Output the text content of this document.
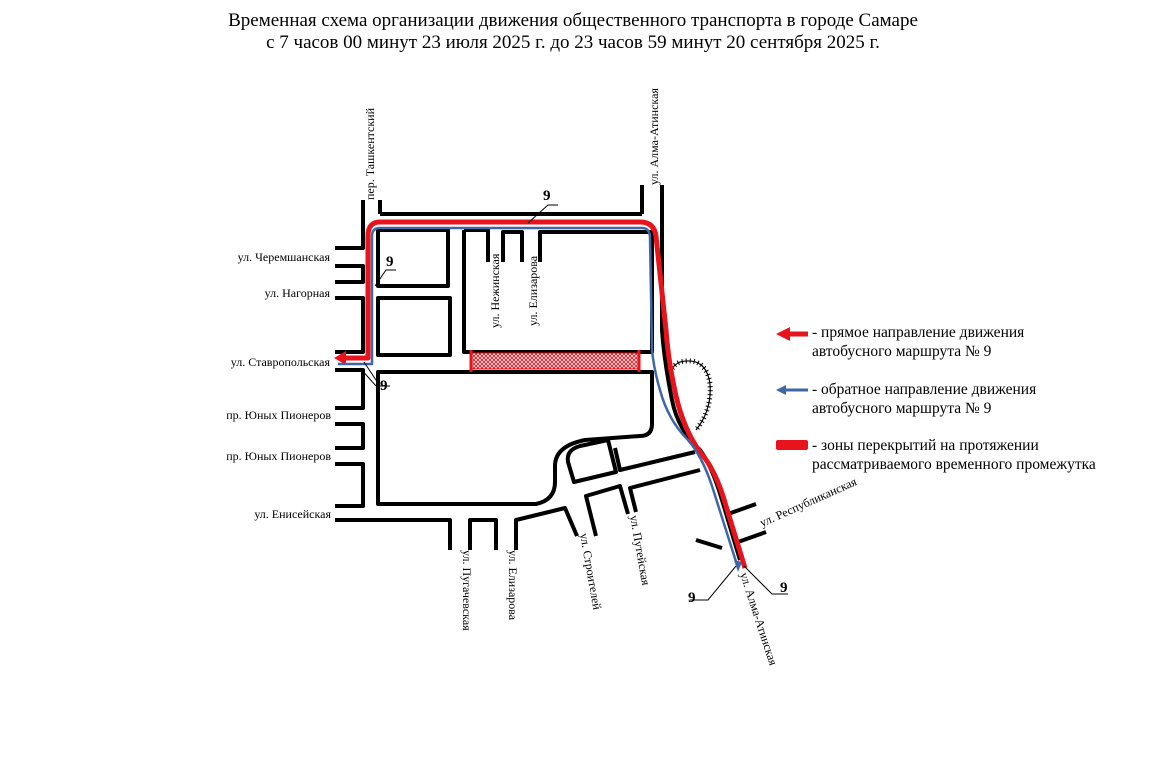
Временная схема организации движения общественного транспорта в городе Самаре
с 7 часов 00 минут 23 июля 2025 г. до 23 часов 59 минут 20 сентября 2025 г.
9
9
9
9
9
пер. Ташкентский	ул. Алма-Атинская
ул. Черемшанская
ул. Нагорная
ул. Ставропольская
пр. Юных Пионеров
пр. Юных Пионеров
ул. Енисейская
ул. Нежинская ул. Елизарова
ул. Пугачевская	ул. Елизарова	ул. Строителей ул. Путейская
ул. Республиканская
ул. Алма-Атинская
- прямое направление движения
автобусного маршрута № 9
- обратное направление движения
автобусного маршрута № 9
- зоны перекрытий на протяжении
рассматриваемого временного промежутка
